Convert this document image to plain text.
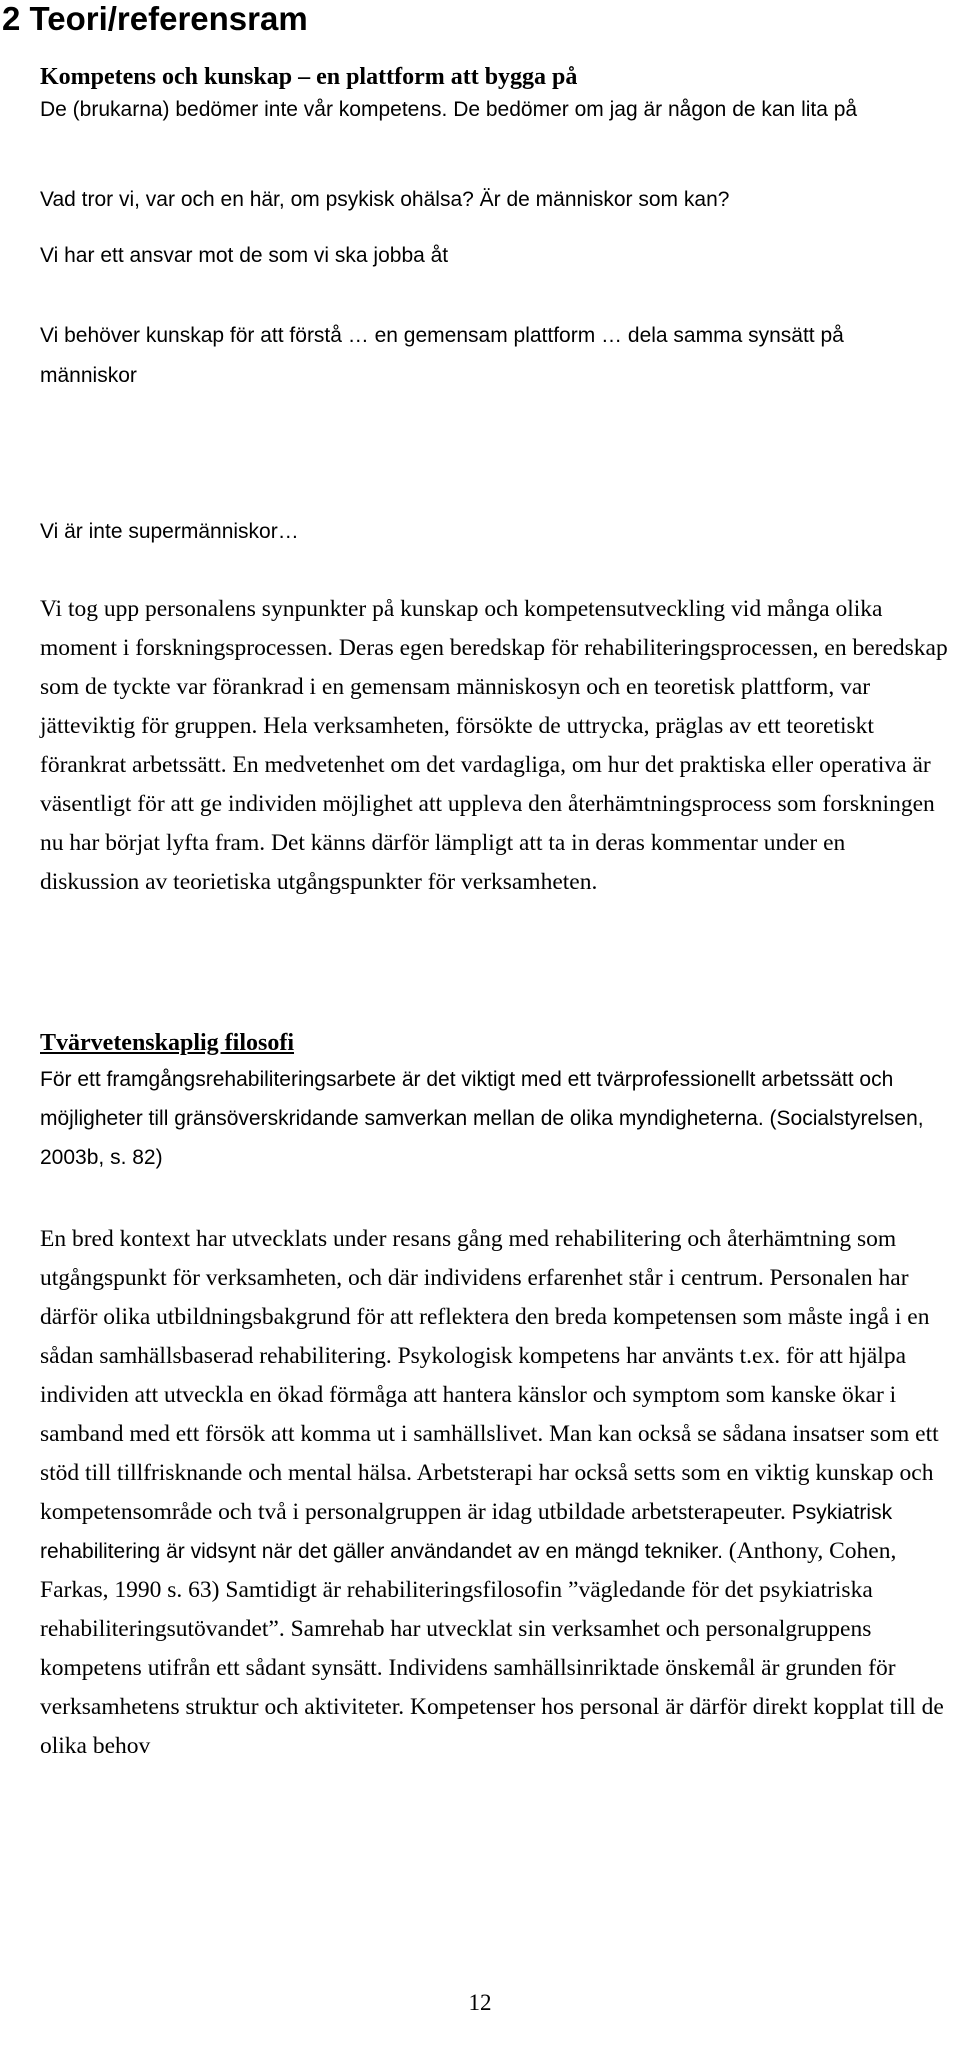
2 Teori/referensram
Kompetens och kunskap – en plattform att bygga på

De (brukarna) bedömer inte vår kompetens. De bedömer om jag är någon de kan lita på

Vad tror vi, var och en här, om psykisk ohälsa? Är de människor som kan?

Vi har ett ansvar mot de som vi ska jobba åt

Vi behöver kunskap för att förstå … en gemensam plattform … dela samma synsätt på människor

Vi är inte supermänniskor…

Vi tog upp personalens synpunkter på kunskap och kompetensutveckling vid många olika moment i forskningsprocessen. Deras egen beredskap för rehabiliteringsprocessen, en beredskap som de tyckte var förankrad i en gemensam människosyn och en teoretisk plattform, var jätteviktig för gruppen. Hela verksamheten, försökte de uttrycka, präglas av ett teoretiskt förankrat arbetssätt. En medvetenhet om det vardagliga, om hur det praktiska eller operativa är väsentligt för att ge individen möjlighet att uppleva den återhämtningsprocess som forskningen nu har börjat lyfta fram. Det känns därför lämpligt att ta in deras kommentar under en diskussion av teorietiska utgångspunkter för verksamheten.

Tvärvetenskaplig filosofi

För ett framgångsrehabiliteringsarbete är det viktigt med ett tvärprofessionellt arbetssätt och möjligheter till gränsöverskridande samverkan mellan de olika myndigheterna. (Socialstyrelsen, 2003b, s. 82)

En bred kontext har utvecklats under resans gång med rehabilitering och återhämtning som utgångspunkt för verksamheten, och där individens erfarenhet står i centrum. Personalen har därför olika utbildningsbakgrund för att reflektera den breda kompetensen som måste ingå i en sådan samhällsbaserad rehabilitering. Psykologisk kompetens har använts t.ex. för att hjälpa individen att utveckla en ökad förmåga att hantera känslor och symptom som kanske ökar i samband med ett försök att komma ut i samhällslivet. Man kan också se sådana insatser som ett stöd till tillfrisknande och mental hälsa. Arbetsterapi har också setts som en viktig kunskap och kompetensområde och två i personalgruppen är idag utbildade arbetsterapeuter. Psykiatrisk rehabilitering är vidsynt när det gäller användandet av en mängd tekniker. (Anthony, Cohen, Farkas, 1990 s. 63) Samtidigt är rehabiliteringsfilosofin ”vägledande för det psykiatriska rehabiliteringsutövandet”. Samrehab har utvecklat sin verksamhet och personalgruppens kompetens utifrån ett sådant synsätt. Individens samhällsinriktade önskemål är grunden för verksamhetens struktur och aktiviteter. Kompetenser hos personal är därför direkt kopplat till de olika behov

12
